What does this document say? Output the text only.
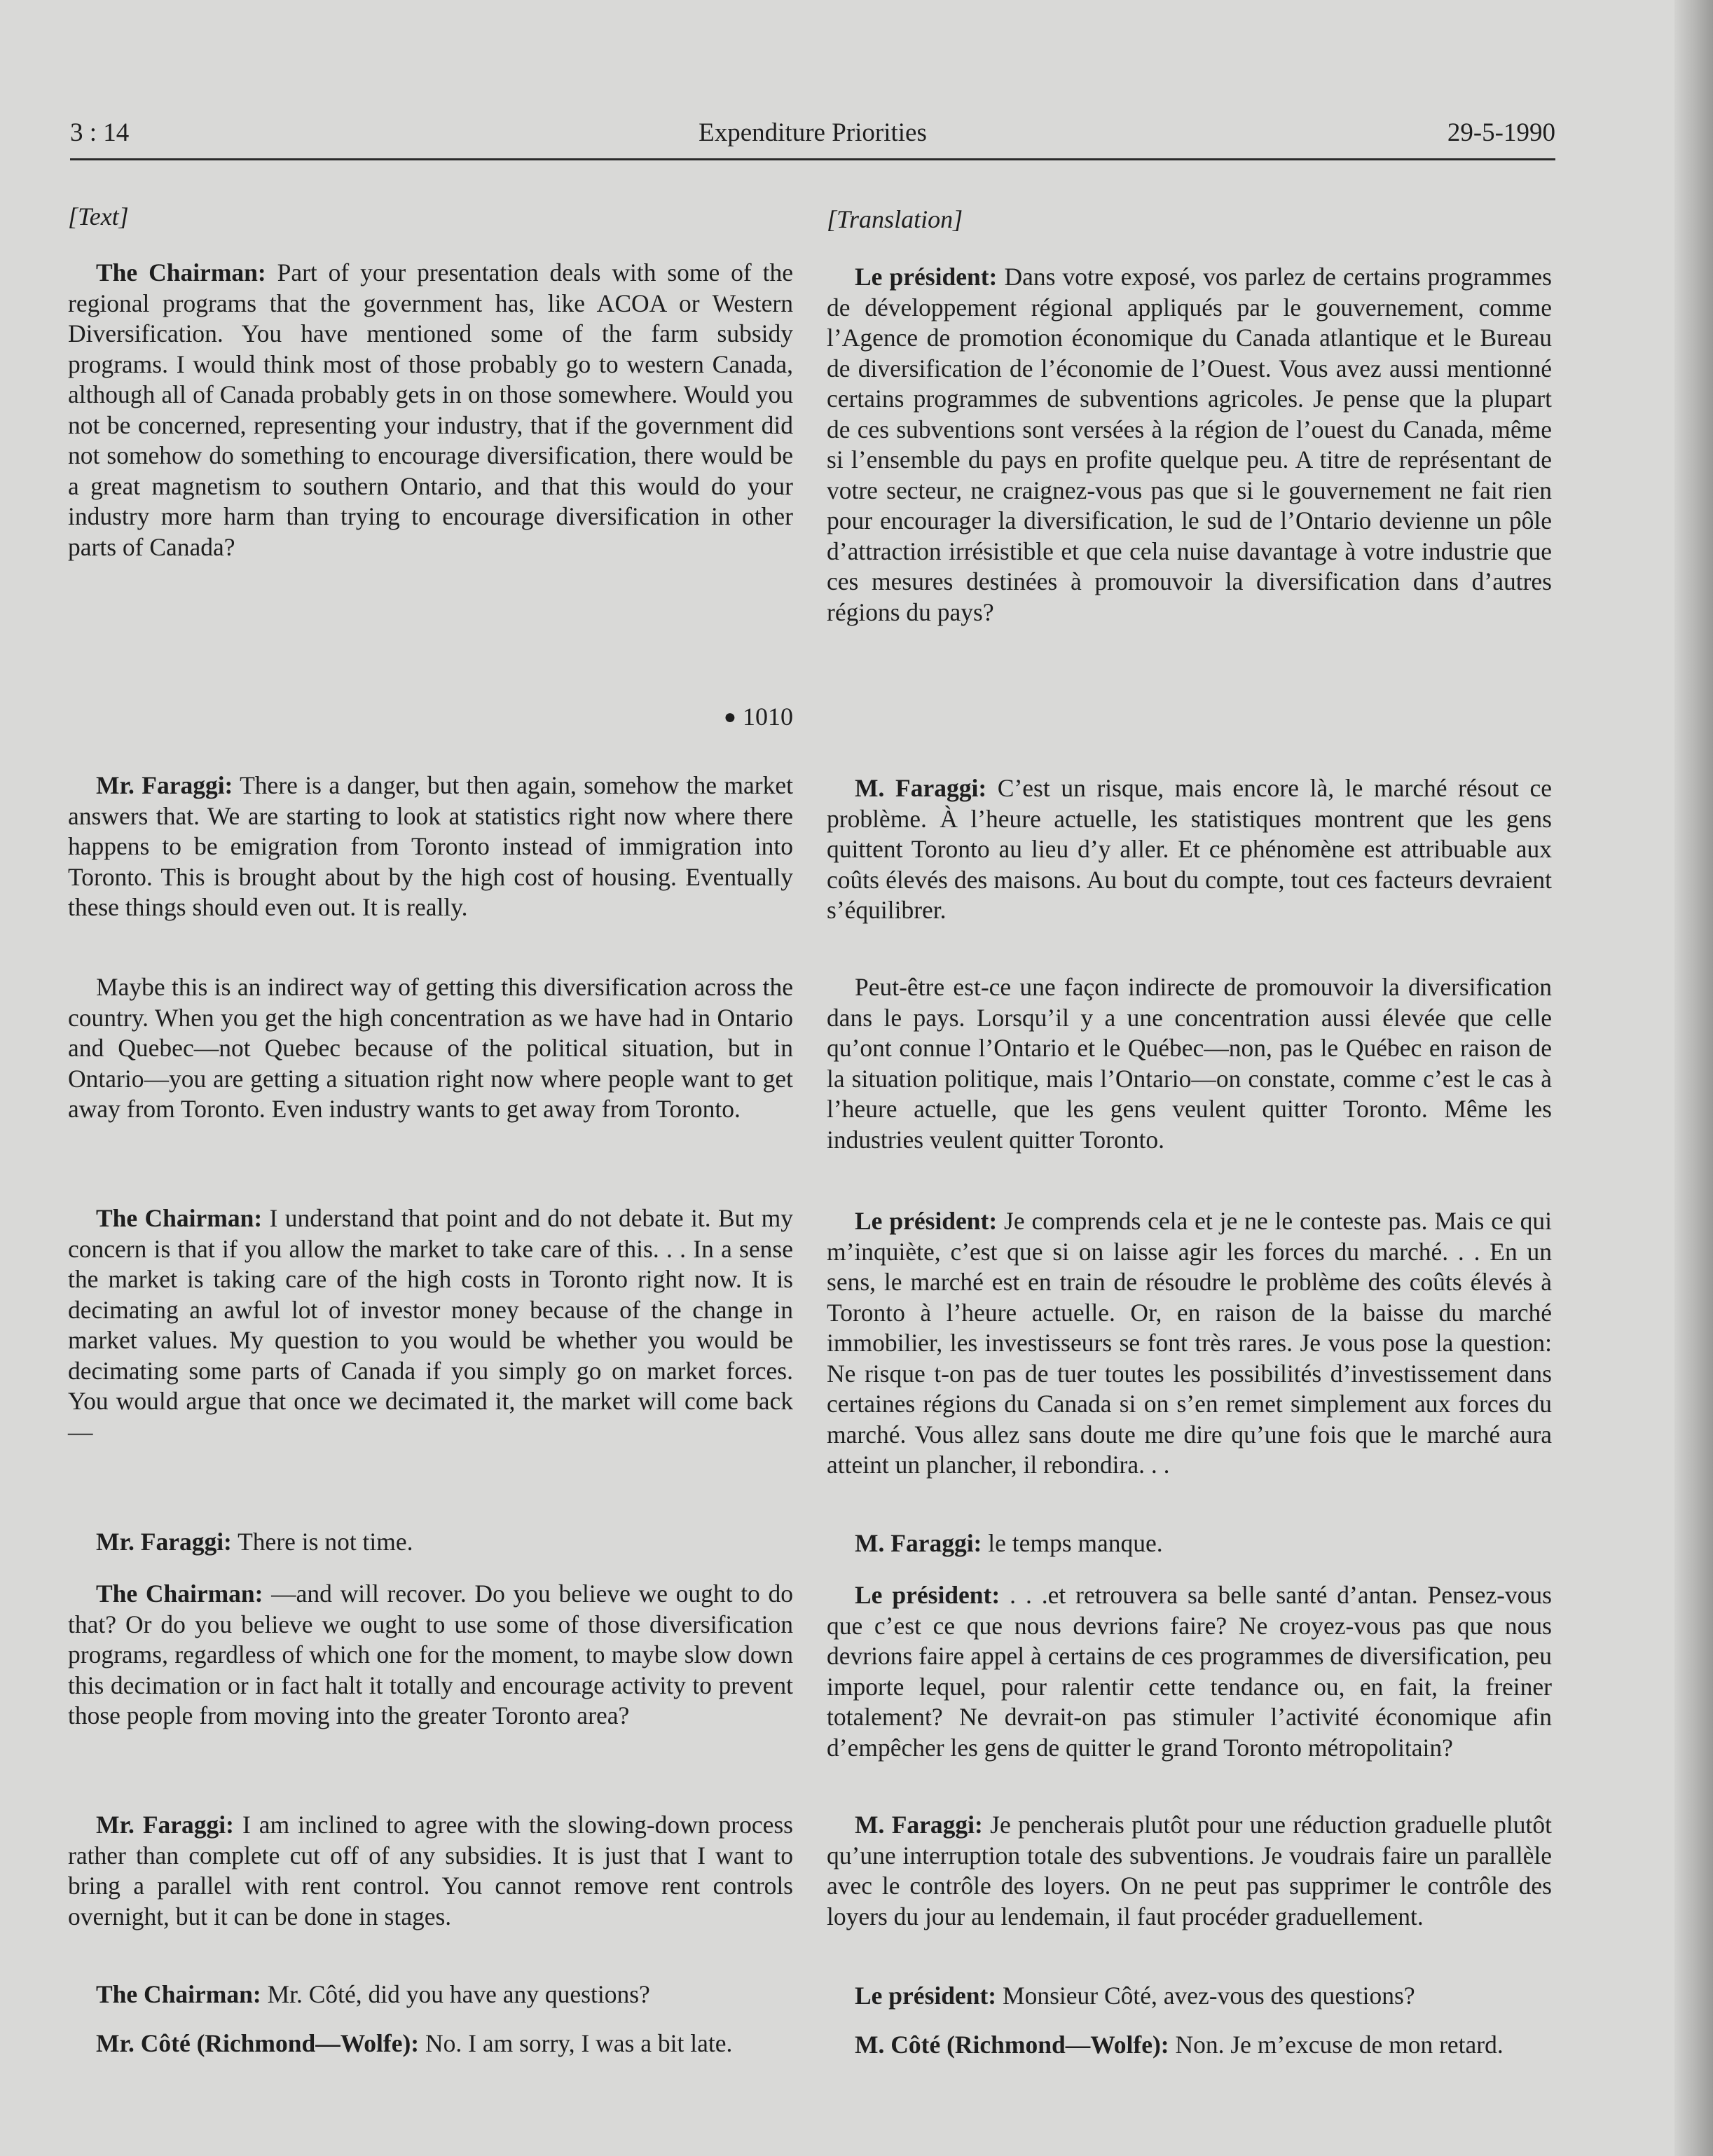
3 : 14	Expenditure Priorities	29-5-1990

[Text]

The Chairman: Part of your presentation deals with some of the regional programs that the government has, like ACOA or Western Diversification. You have mentioned some of the farm subsidy programs. I would think most of those probably go to western Canada, although all of Canada probably gets in on those somewhere. Would you not be concerned, representing your industry, that if the government did not somehow do something to encourage diversification, there would be a great magnetism to southern Ontario, and that this would do your industry more harm than trying to encourage diversification in other parts of Canada?

● 1010

Mr. Faraggi: There is a danger, but then again, somehow the market answers that. We are starting to look at statistics right now where there happens to be emigration from Toronto instead of immigration into Toronto. This is brought about by the high cost of housing. Eventually these things should even out. It is really.

Maybe this is an indirect way of getting this diversification across the country. When you get the high concentration as we have had in Ontario and Quebec—not Quebec because of the political situation, but in Ontario—you are getting a situation right now where people want to get away from Toronto. Even industry wants to get away from Toronto.

The Chairman: I understand that point and do not debate it. But my concern is that if you allow the market to take care of this. . . In a sense the market is taking care of the high costs in Toronto right now. It is decimating an awful lot of investor money because of the change in market values. My question to you would be whether you would be decimating some parts of Canada if you simply go on market forces. You would argue that once we decimated it, the market will come back—

Mr. Faraggi: There is not time.

The Chairman: —and will recover. Do you believe we ought to do that? Or do you believe we ought to use some of those diversification programs, regardless of which one for the moment, to maybe slow down this decimation or in fact halt it totally and encourage activity to prevent those people from moving into the greater Toronto area?

Mr. Faraggi: I am inclined to agree with the slowing-down process rather than complete cut off of any subsidies. It is just that I want to bring a parallel with rent control. You cannot remove rent controls overnight, but it can be done in stages.

The Chairman: Mr. Côté, did you have any questions?

Mr. Côté (Richmond—Wolfe): No. I am sorry, I was a bit late.

[Translation]

Le président: Dans votre exposé, vos parlez de certains programmes de développement régional appliqués par le gouvernement, comme l’Agence de promotion économique du Canada atlantique et le Bureau de diversification de l’économie de l’Ouest. Vous avez aussi mentionné certains programmes de subventions agricoles. Je pense que la plupart de ces subventions sont versées à la région de l’ouest du Canada, même si l’ensemble du pays en profite quelque peu. A titre de représentant de votre secteur, ne craignez-vous pas que si le gouvernement ne fait rien pour encourager la diversification, le sud de l’Ontario devienne un pôle d’attraction irrésistible et que cela nuise davantage à votre industrie que ces mesures destinées à promouvoir la diversification dans d’autres régions du pays?

M. Faraggi: C’est un risque, mais encore là, le marché résout ce problème. À l’heure actuelle, les statistiques montrent que les gens quittent Toronto au lieu d’y aller. Et ce phénomène est attribuable aux coûts élevés des maisons. Au bout du compte, tout ces facteurs devraient s’équilibrer.

Peut-être est-ce une façon indirecte de promouvoir la diversification dans le pays. Lorsqu’il y a une concentration aussi élevée que celle qu’ont connue l’Ontario et le Québec—non, pas le Québec en raison de la situation politique, mais l’Ontario—on constate, comme c’est le cas à l’heure actuelle, que les gens veulent quitter Toronto. Même les industries veulent quitter Toronto.

Le président: Je comprends cela et je ne le conteste pas. Mais ce qui m’inquiète, c’est que si on laisse agir les forces du marché. . . En un sens, le marché est en train de résoudre le problème des coûts élevés à Toronto à l’heure actuelle. Or, en raison de la baisse du marché immobilier, les investisseurs se font très rares. Je vous pose la question: Ne risque t-on pas de tuer toutes les possibilités d’investissement dans certaines régions du Canada si on s’en remet simplement aux forces du marché. Vous allez sans doute me dire qu’une fois que le marché aura atteint un plancher, il rebondira. . .

M. Faraggi: le temps manque.

Le président: . . .et retrouvera sa belle santé d’antan. Pensez-vous que c’est ce que nous devrions faire? Ne croyez-vous pas que nous devrions faire appel à certains de ces programmes de diversification, peu importe lequel, pour ralentir cette tendance ou, en fait, la freiner totalement? Ne devrait-on pas stimuler l’activité économique afin d’empêcher les gens de quitter le grand Toronto métropolitain?

M. Faraggi: Je pencherais plutôt pour une réduction graduelle plutôt qu’une interruption totale des subventions. Je voudrais faire un parallèle avec le contrôle des loyers. On ne peut pas supprimer le contrôle des loyers du jour au lendemain, il faut procéder graduellement.

Le président: Monsieur Côté, avez-vous des questions?

M. Côté (Richmond—Wolfe): Non. Je m’excuse de mon retard.
